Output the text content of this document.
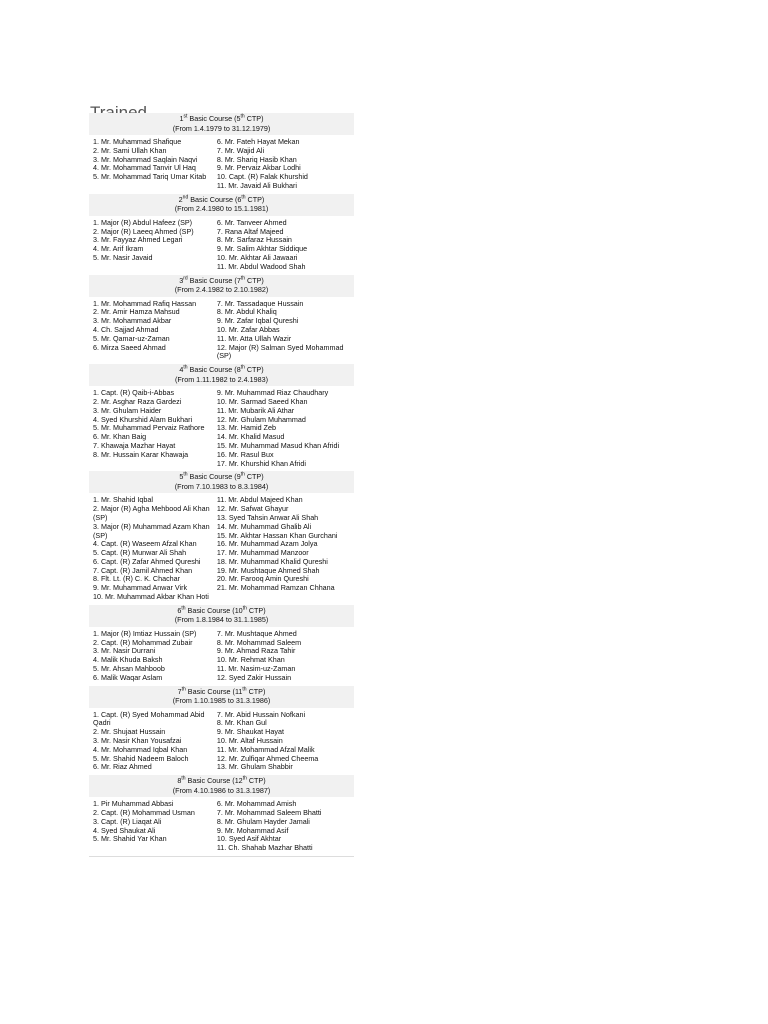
1st Basic Course (5th CTP)
(From 1.4.1979 to 31.12.1979)
1. Mr. Muhammad Shafique
2. Mr. Sami Ullah Khan
3. Mr. Mohammad Saqlain Naqvi
4. Mr. Mohammad Tanvir Ul Haq
5. Mr. Mohammad Tariq Umar Kitab
6. Mr. Fateh Hayat Mekan
7. Mr. Wajid Ali
8. Mr. Shariq Hasib Khan
9. Mr. Pervaiz Akbar Lodhi
10. Capt. (R) Falak Khurshid
11. Mr. Javaid Ali Bukhari
2nd Basic Course (6th CTP)
(From 2.4.1980 to 15.1.1981)
1. Major (R) Abdul Hafeez (SP)
2. Major (R) Laeeq Ahmed (SP)
3. Mr. Fayyaz Ahmed Legari
4. Mr. Arif Ikram
5. Mr. Nasir Javaid
6. Mr. Tanveer Ahmed
7. Rana Altaf Majeed
8. Mr. Sarfaraz Hussain
9. Mr. Salim Akhtar Siddique
10. Mr. Akhtar Ali Jawaari
11. Mr. Abdul Wadood Shah
3rd Basic Course (7th CTP)
(From 2.4.1982 to 2.10.1982)
1. Mr. Mohammad Rafiq Hassan
2. Mr. Amir Hamza Mahsud
3. Mr. Mohammad Akbar
4. Ch. Sajjad Ahmad
5. Mr. Qamar-uz-Zaman
6. Mirza Saeed Ahmad
7. Mr. Tassadaque Hussain
8. Mr. Abdul Khaliq
9. Mr. Zafar Iqbal Qureshi
10. Mr. Zafar Abbas
11. Mr. Atta Ullah Wazir
12. Major (R) Salman Syed Mohammad (SP)
4th Basic Course (8th CTP)
(From 1.11.1982 to 2.4.1983)
1. Capt. (R) Qaib-i-Abbas
2. Mr. Asghar Raza Gardezi
3. Mr. Ghulam Haider
4. Syed Khurshid Alam Bukhari
5. Mr. Muhammad Pervaiz Rathore
6. Mr. Khan Baig
7. Khawaja Mazhar Hayat
8. Mr. Hussain Karar Khawaja
9. Mr. Muhammad Riaz Chaudhary
10. Mr. Sarmad Saeed Khan
11. Mr. Mubarik Ali Athar
12. Mr. Ghulam Muhammad
13. Mr. Hamid Zeb
14. Mr. Khalid Masud
15. Mr. Muhammad Masud Khan Afridi
16. Mr. Rasul Bux
17. Mr. Khurshid Khan Afridi
5th Basic Course (9th CTP)
(From 7.10.1983 to 8.3.1984)
1. Mr. Shahid Iqbal
2. Major (R) Agha Mehbood Ali Khan (SP)
3. Major (R) Muhammad Azam Khan (SP)
4. Capt. (R) Waseem Afzal Khan
5. Capt. (R) Munwar Ali Shah
6. Capt. (R) Zafar Ahmed Qureshi
7. Capt. (R) Jamil Ahmed Khan
8. Flt. Lt. (R) C. K. Chachar
9. Mr. Muhammad Anwar Virk
10. Mr. Muhammad Akbar Khan Hoti
11. Mr. Abdul Majeed Khan
12. Mr. Safwat Ghayur
13. Syed Tahsin Anwar Ali Shah
14. Mr. Muhammad Ghalib Ali
15. Mr. Akhtar Hassan Khan Gurchani
16. Mr. Muhammad Azam Jolya
17. Mr. Muhammad Manzoor
18. Mr. Muhammad Khalid Qureshi
19. Mr. Mushtaque Ahmed Shah
20. Mr. Farooq Amin Qureshi
21. Mr. Mohammad Ramzan Chhana
6th Basic Course (10th CTP)
(From 1.8.1984 to 31.1.1985)
1. Major (R) Imtiaz Hussain (SP)
2. Capt. (R) Mohammad Zubair
3. Mr. Nasir Durrani
4. Malik Khuda Baksh
5. Mr. Ahsan Mahboob
6. Malik Waqar Aslam
7. Mr. Mushtaque Ahmed
8. Mr. Mohammad Saleem
9. Mr. Ahmad Raza Tahir
10. Mr. Rehmat Khan
11. Mr. Nasim-uz-Zaman
12. Syed Zakir Hussain
7th Basic Course (11th CTP)
(From 1.10.1985 to 31.3.1986)
1. Capt. (R) Syed Mohammad Abid Qadri
2. Mr. Shujaat Hussain
3. Mr. Nasir Khan Yousafzai
4. Mr. Mohammad Iqbal Khan
5. Mr. Shahid Nadeem Baloch
6. Mr. Riaz Ahmed
7. Mr. Abid Hussain Nofkani
8. Mr. Khan Gul
9. Mr. Shaukat Hayat
10. Mr. Altaf Hussain
11. Mr. Mohammad Afzal Malik
12. Mr. Zulfiqar Ahmed Cheema
13. Mr. Ghulam Shabbir
8th Basic Course (12th CTP)
(From 4.10.1986 to 31.3.1987)
1. Pir Muhammad Abbasi
2. Capt. (R) Mohammad Usman
3. Capt. (R) Liaqat Ali
4. Syed Shaukat Ali
5. Mr. Shahid Yar Khan
6. Mr. Mohammad Amish
7. Mr. Mohammad Saleem Bhatti
8. Mr. Ghulam Hayder Jamali
9. Mr. Mohammad Asif
10. Syed Asif Akhtar
11. Ch. Shahab Mazhar Bhatti
